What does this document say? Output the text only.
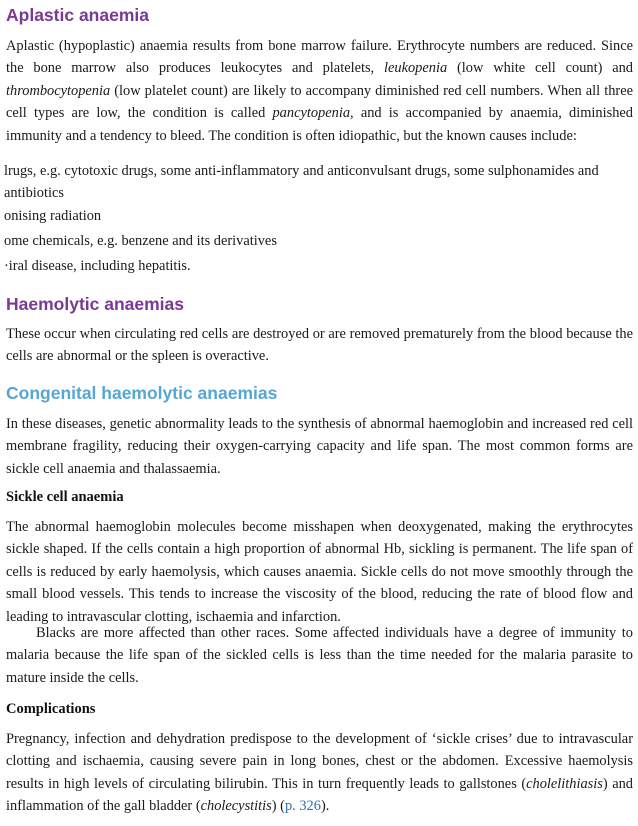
Aplastic anaemia

Aplastic (hypoplastic) anaemia results from bone marrow failure. Erythrocyte numbers are reduced. Since the bone marrow also produces leukocytes and platelets, leukopenia (low white cell count) and thrombocytopenia (low platelet count) are likely to accompany diminished red cell numbers. When all three cell types are low, the condition is called pancytopenia, and is accompanied by anaemia, diminished immunity and a tendency to bleed. The condition is often idiopathic, but the known causes include:

lrugs, e.g. cytotoxic drugs, some anti-inflammatory and anticonvulsant drugs, some sulphonamides and antibiotics
onising radiation
ome chemicals, e.g. benzene and its derivatives
·iral disease, including hepatitis.
Haemolytic anaemias

These occur when circulating red cells are destroyed or are removed prematurely from the blood because the cells are abnormal or the spleen is overactive.

Congenital haemolytic anaemias

In these diseases, genetic abnormality leads to the synthesis of abnormal haemoglobin and increased red cell membrane fragility, reducing their oxygen-carrying capacity and life span. The most common forms are sickle cell anaemia and thalassaemia.

Sickle cell anaemia

The abnormal haemoglobin molecules become misshapen when deoxygenated, making the erythrocytes sickle shaped. If the cells contain a high proportion of abnormal Hb, sickling is permanent. The life span of cells is reduced by early haemolysis, which causes anaemia. Sickle cells do not move smoothly through the small blood vessels. This tends to increase the viscosity of the blood, reducing the rate of blood flow and leading to intravascular clotting, ischaemia and infarction.

Blacks are more affected than other races. Some affected individuals have a degree of immunity to malaria because the life span of the sickled cells is less than the time needed for the malaria parasite to mature inside the cells.

Complications

Pregnancy, infection and dehydration predispose to the development of ‘sickle crises’ due to intravascular clotting and ischaemia, causing severe pain in long bones, chest or the abdomen. Excessive haemolysis results in high levels of circulating bilirubin. This in turn frequently leads to gallstones (cholelithiasis) and inflammation of the gall bladder (cholecystitis) (p. 326).
